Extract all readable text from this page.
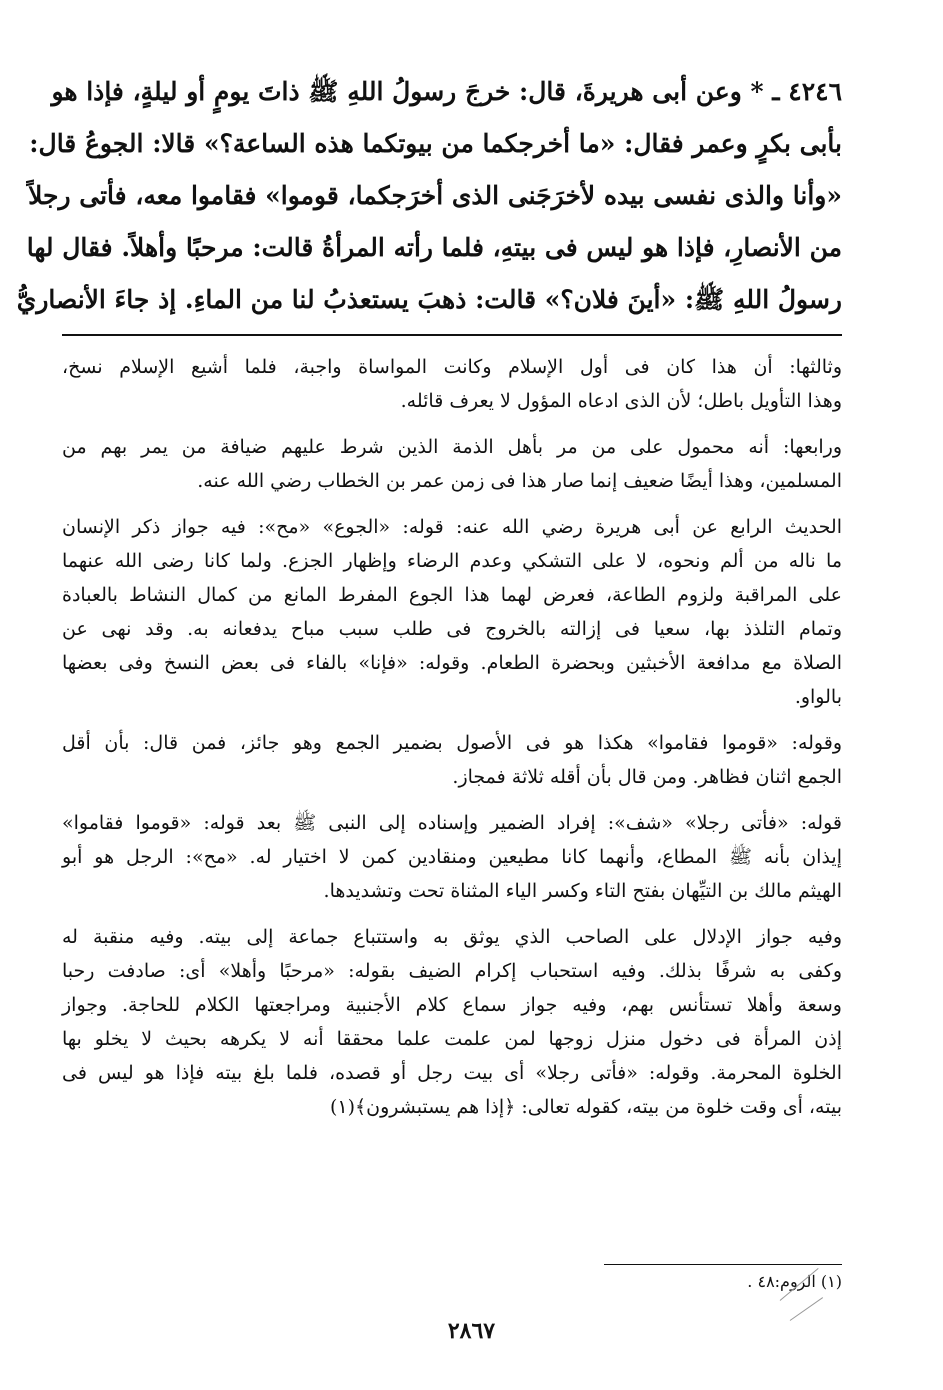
٤٢٤٦ ـ * وعن أبى هريرةَ، قال: خرجَ رسولُ اللهِ ﷺ ذاتَ يومٍ أو ليلةٍ، فإذا هو
بأبى بكرٍ وعمر فقال: «ما أخرجكما من بيوتكما هذه الساعة؟» قالا: الجوعُ قال:
«وأنا والذى نفسى بيده لأخرَجَنى الذى أخرَجكما، قوموا» فقاموا معه، فأتى رجلاً
من الأنصارِ، فإذا هو ليس فى بيتهِ، فلما رأته المرأةُ قالت: مرحبًا وأهلاً. فقال لها
رسولُ اللهِ ﷺ: «أينَ فلان؟» قالت: ذهبَ يستعذبُ لنا من الماءِ. إذ جاءَ الأنصاريُّ
وثالثها: أن هذا كان فى أول الإسلام وكانت المواساة واجبة، فلما أشيع الإسلام نسخ،
وهذا التأويل باطل؛ لأن الذى ادعاه المؤول لا يعرف قائله.
ورابعها: أنه محمول على من مر بأهل الذمة الذين شرط عليهم ضيافة من يمر بهم من
المسلمين، وهذا أيضًا ضعيف إنما صار هذا فى زمن عمر بن الخطاب رضي الله عنه.
الحديث الرابع عن أبى هريرة رضي الله عنه: قوله: «الجوع» «مح»: فيه جواز ذكر الإنسان
ما ناله من ألم ونحوه، لا على التشكي وعدم الرضاء وإظهار الجزع. ولما كانا رضى الله عنهما
على المراقبة ولزوم الطاعة، فعرض لهما هذا الجوع المفرط المانع من كمال النشاط بالعبادة
وتمام التلذذ بها، سعيا فى إزالته بالخروج فى طلب سبب مباح يدفعانه به. وقد نهى عن
الصلاة مع مدافعة الأخبثين وبحضرة الطعام. وقوله: «فإنا» بالفاء فى بعض النسخ وفى بعضها
بالواو.
وقوله: «قوموا فقاموا» هكذا هو فى الأصول بضمير الجمع وهو جائز، فمن قال: بأن أقل
الجمع اثنان فظاهر. ومن قال بأن أقله ثلاثة فمجاز.
قوله: «فأتى رجلا» «شف»: إفراد الضمير وإسناده إلى النبى ﷺ بعد قوله: «قوموا فقاموا»
إيذان بأنه ﷺ المطاع، وأنهما كانا مطيعين ومنقادين كمن لا اختيار له. «مح»: الرجل هو أبو
الهيثم مالك بن التيِّهان بفتح التاء وكسر الياء المثناة تحت وتشديدها.
وفيه جواز الإدلال على الصاحب الذي يوثق به واستتباع جماعة إلى بيته. وفيه منقبة له
وكفى به شرفًا بذلك. وفيه استحباب إكرام الضيف بقوله: «مرحبًا وأهلا» أى: صادفت رحبا
وسعة وأهلا تستأنس بهم، وفيه جواز سماع كلام الأجنبية ومراجعتها الكلام للحاجة. وجواز
إذن المرأة فى دخول منزل زوجها لمن علمت علما محققا أنه لا يكرهه بحيث لا يخلو بها
الخلوة المحرمة. وقوله: «فأتى رجلا» أى بيت رجل أو قصده، فلما بلغ بيته فإذا هو ليس فى
بيته، أى وقت خلوة من بيته، كقوله تعالى: ﴿إذا هم يستبشرون﴾(١)
(١) الروم:٤٨ .
٢٨٦٧
